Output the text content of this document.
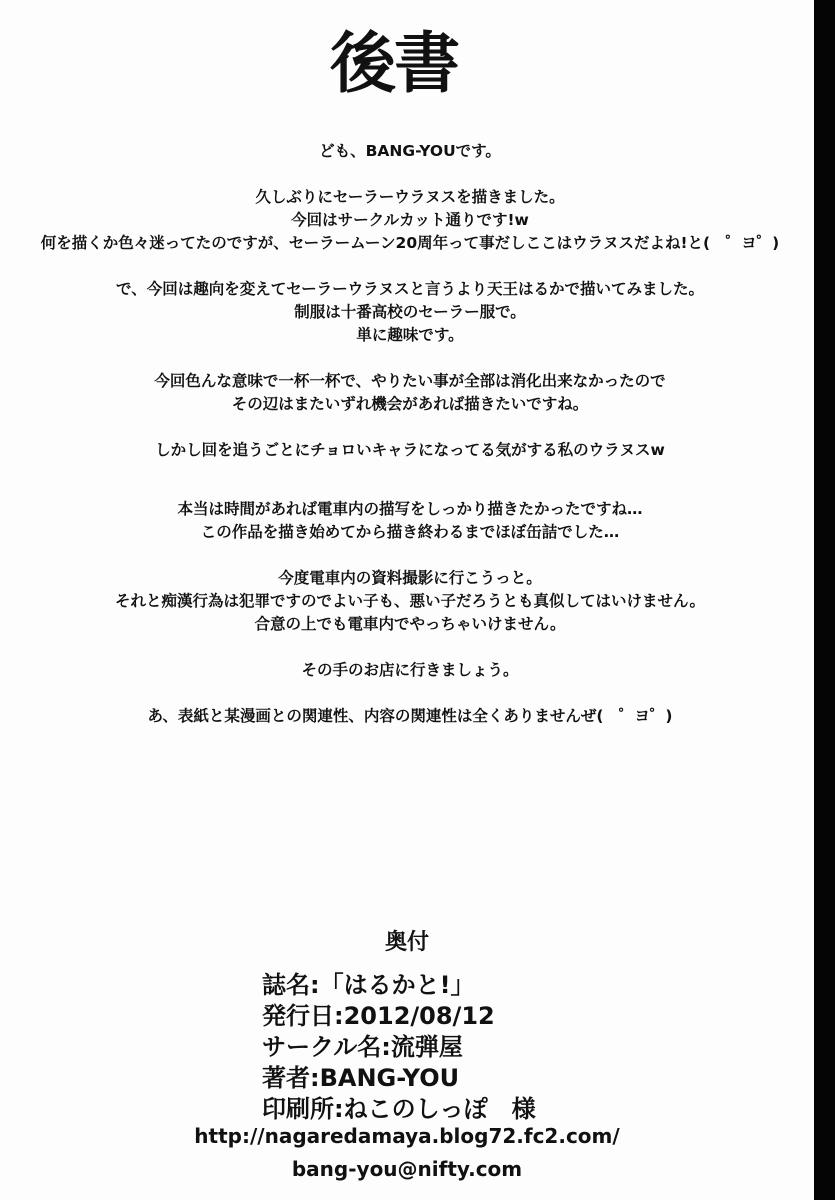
後書

ども、BANG-YOUです。

久しぶりにセーラーウラヌスを描きました。

今回はサークルカット通りです!w

何を描くか色々迷ってたのですが、セーラームーン20周年って事だしここはウラヌスだよね!と(　゜ヨ゜)

で、今回は趣向を変えてセーラーウラヌスと言うより天王はるかで描いてみました。

制服は十番高校のセーラー服で。

単に趣味です。

今回色んな意味で一杯一杯で、やりたい事が全部は消化出来なかったので

その辺はまたいずれ機会があれば描きたいですね。

しかし回を追うごとにチョロいキャラになってる気がする私のウラヌスw

本当は時間があれば電車内の描写をしっかり描きたかったですね…

この作品を描き始めてから描き終わるまでほぼ缶詰でした…

今度電車内の資料撮影に行こうっと。

それと痴漢行為は犯罪ですのでよい子も、悪い子だろうとも真似してはいけません。

合意の上でも電車内でやっちゃいけません。

その手のお店に行きましょう。

あ、表紙と某漫画との関連性、内容の関連性は全くありませんぜ(　゜ヨ゜)

奥付
誌名:「はるかと!」
発行日:2012/08/12
サークル名:流弾屋
著者:BANG-YOU
印刷所:ねこのしっぽ　様
http://nagaredamaya.blog72.fc2.com/
bang-you@nifty.com
